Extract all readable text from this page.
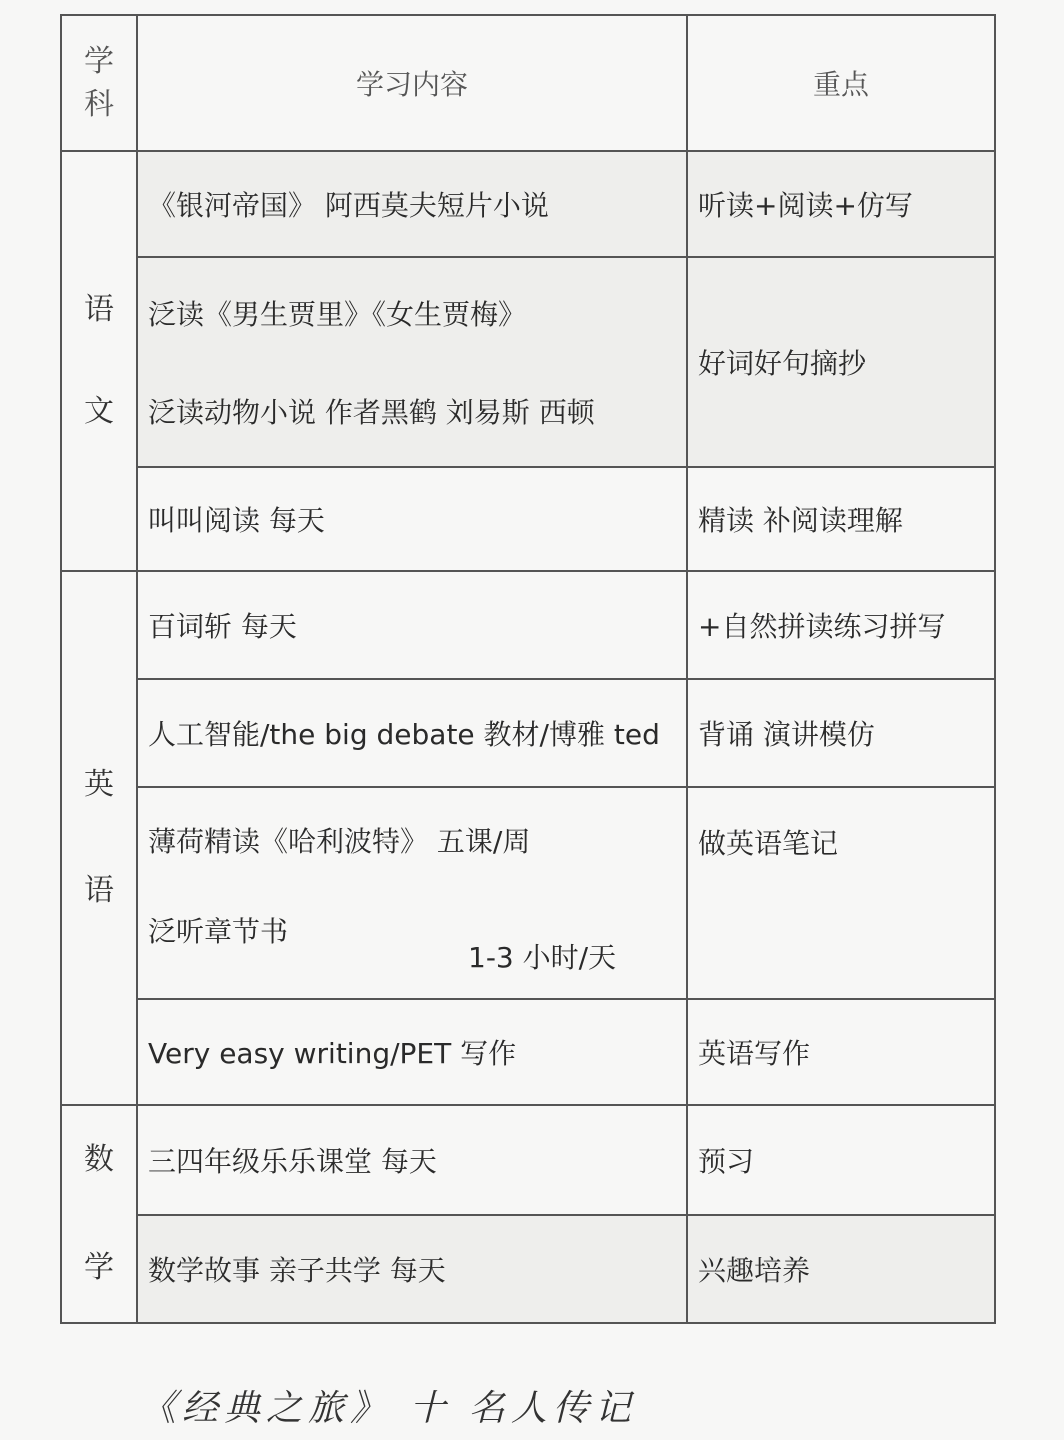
学
科	学习内容	重点

语
文	《银河帝国》 阿西莫夫短片小说	听读+阅读+仿写

	泛读《男生贾里》《女生贾梅》
泛读动物小说 作者黑鹤 刘易斯 西顿	好词好句摘抄

	叫叫阅读 每天	精读 补阅读理解

英
语	百词斩 每天	+自然拼读练习拼写

	人工智能/the big debate 教材/博雅 ted	背诵 演讲模仿

	薄荷精读《哈利波特》 五课/周
泛听章节书
1-3 小时/天	做英语笔记

	Very easy writing/PET 写作	英语写作

数
学	三四年级乐乐课堂 每天	预习

	数学故事 亲子共学 每天	兴趣培养
《经典之旅》 十 名人传记
